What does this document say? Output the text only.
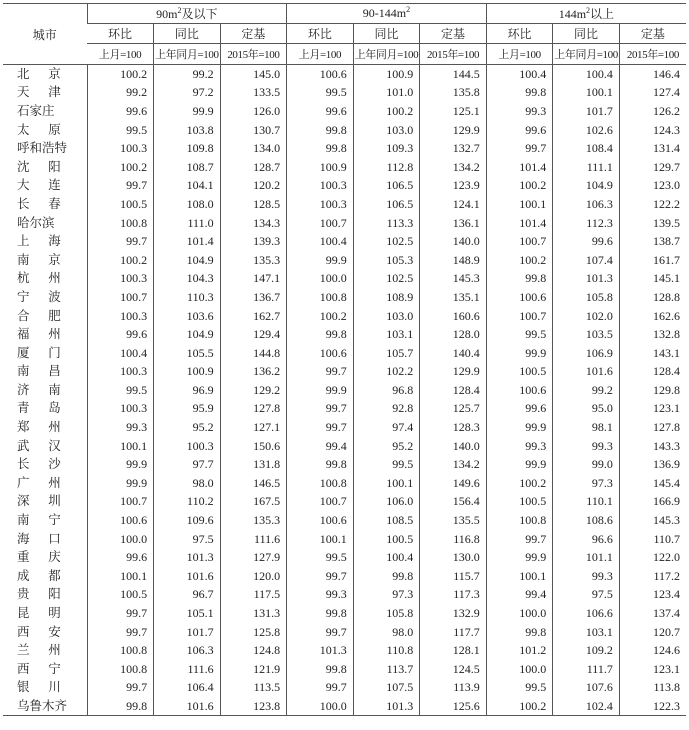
城市	$90m^2$及以下			$90-144m^2$			$144m^2$以上		
	环比	同比	定基	环比	同比	定基	环比	同比	定基
	上月=100	上年同月=100	2015年=100	上月=100	上年同月=100	2015年=100	上月=100	上年同月=100	2015年=100
北　 京	100.2	99.2	145.0	100.6	100.9	144.5	100.4	100.4	146.4
天　 津	99.2	97.2	133.5	99.5	101.0	135.8	99.8	100.1	127.4
石家庄	99.6	99.9	126.0	99.6	100.2	125.1	99.3	101.7	126.2
太　 原	99.5	103.8	130.7	99.8	103.0	129.9	99.6	102.6	124.3
呼和浩特	100.3	109.8	134.0	99.8	109.3	132.7	99.7	108.4	131.4
沈　 阳	100.2	108.7	128.7	100.9	112.8	134.2	101.4	111.1	129.7
大　 连	99.7	104.1	120.2	100.3	106.5	123.9	100.2	104.9	123.0
长　 春	100.5	108.0	128.5	100.3	106.5	124.1	100.1	106.3	122.2
哈尔滨	100.8	111.0	134.3	100.7	113.3	136.1	101.4	112.3	139.5
上　 海	99.7	101.4	139.3	100.4	102.5	140.0	100.7	99.6	138.7
南　 京	100.2	104.9	135.3	99.9	105.3	148.9	100.2	107.4	161.7
杭　 州	100.3	104.3	147.1	100.0	102.5	145.3	99.8	101.3	145.1
宁　 波	100.7	110.3	136.7	100.8	108.9	135.1	100.6	105.8	128.8
合　 肥	100.3	103.6	162.7	100.2	103.0	160.6	100.7	102.0	162.6
福　 州	99.6	104.9	129.4	99.8	103.1	128.0	99.5	103.5	132.8
厦　 门	100.4	105.5	144.8	100.6	105.7	140.4	99.9	106.9	143.1
南　 昌	100.3	100.9	136.2	99.7	102.2	129.9	100.5	101.6	128.4
济　 南	99.5	96.9	129.2	99.9	96.8	128.4	100.6	99.2	129.8
青　 岛	100.3	95.9	127.8	99.7	92.8	125.7	99.6	95.0	123.1
郑　 州	99.3	95.2	127.1	99.7	97.4	128.3	99.9	98.1	127.8
武　 汉	100.1	100.3	150.6	99.4	95.2	140.0	99.3	99.3	143.3
长　 沙	99.9	97.7	131.8	99.8	99.5	134.2	99.9	99.0	136.9
广　 州	99.9	98.0	146.5	100.8	100.1	149.6	100.2	97.3	145.4
深　 圳	100.7	110.2	167.5	100.7	106.0	156.4	100.5	110.1	166.9
南　 宁	100.6	109.6	135.3	100.6	108.5	135.5	100.8	108.6	145.3
海　 口	100.0	97.5	111.6	100.1	100.5	116.8	99.7	96.6	110.7
重　 庆	99.6	101.3	127.9	99.5	100.4	130.0	99.9	101.1	122.0
成　 都	100.1	101.6	120.0	99.7	99.8	115.7	100.1	99.3	117.2
贵　 阳	100.5	96.7	117.5	99.3	97.3	117.3	99.4	97.5	123.4
昆　 明	99.7	105.1	131.3	99.8	105.8	132.9	100.0	106.6	137.4
西　 安	99.7	101.7	125.8	99.7	98.0	117.7	99.8	103.1	120.7
兰　 州	100.8	106.3	124.8	101.3	110.8	128.1	101.2	109.2	124.6
西　 宁	100.8	111.6	121.9	99.8	113.7	124.5	100.0	111.7	123.1
银　 川	99.7	106.4	113.5	99.7	107.5	113.9	99.5	107.6	113.8
乌鲁木齐	99.8	101.6	123.8	100.0	101.3	125.6	100.2	102.4	122.3
